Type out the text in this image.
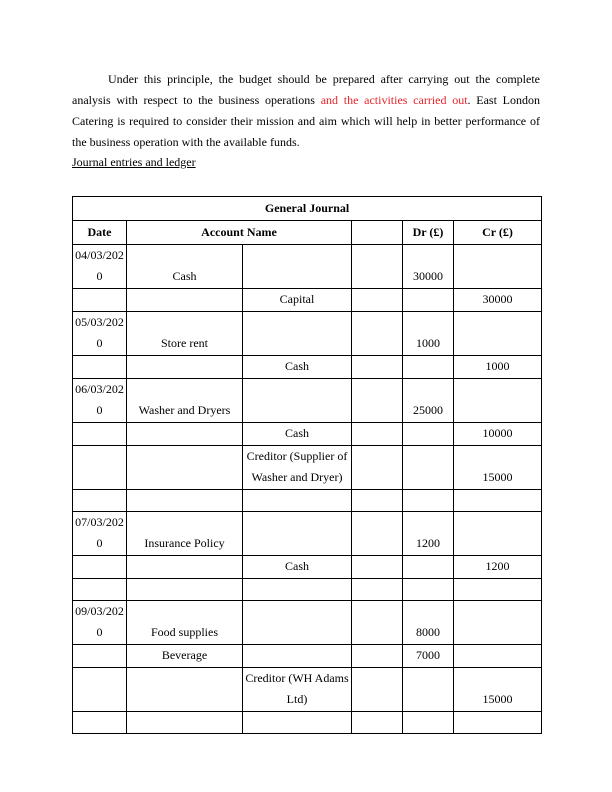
Under this principle, the budget should be prepared after carrying out the complete analysis with respect to the business operations and the activities carried out. East London Catering is required to consider their mission and aim which will help in better performance of the business operation with the available funds.

Journal entries and ledger
General Journal					
Date	Account Name			Dr (£)	Cr (£)
04/03/2020	Cash			30000	
		Capital			30000
05/03/2020	Store rent			1000	
		Cash			1000
06/03/2020	Washer and Dryers			25000	
		Cash			10000
		Creditor (Supplier of Washer and Dryer)			15000

07/03/2020	Insurance Policy			1200	
		Cash			1200

09/03/2020	Food supplies			8000	
	Beverage			7000	
		Creditor (WH Adams Ltd)			15000
